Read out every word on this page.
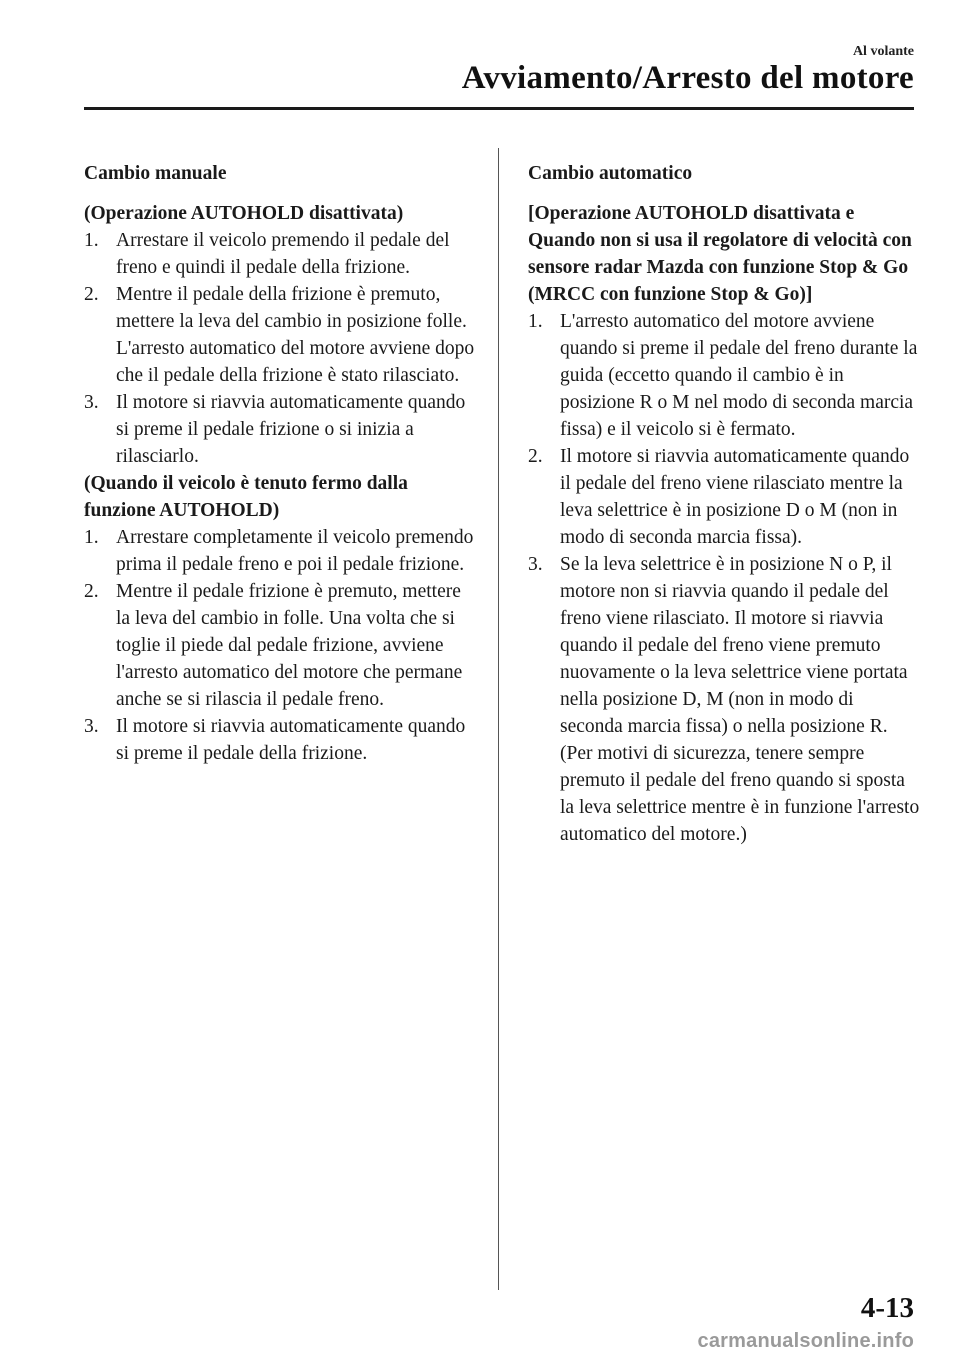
Al volante
Avviamento/Arresto del motore
Cambio manuale
(Operazione AUTOHOLD disattivata)
1. Arrestare il veicolo premendo il pedale del freno e quindi il pedale della frizione.
2. Mentre il pedale della frizione è premuto, mettere la leva del cambio in posizione folle. L'arresto automatico del motore avviene dopo che il pedale della frizione è stato rilasciato.
3. Il motore si riavvia automaticamente quando si preme il pedale frizione o si inizia a rilasciarlo.
(Quando il veicolo è tenuto fermo dalla funzione AUTOHOLD)
1. Arrestare completamente il veicolo premendo prima il pedale freno e poi il pedale frizione.
2. Mentre il pedale frizione è premuto, mettere la leva del cambio in folle. Una volta che si toglie il piede dal pedale frizione, avviene l'arresto automatico del motore che permane anche se si rilascia il pedale freno.
3. Il motore si riavvia automaticamente quando si preme il pedale della frizione.
Cambio automatico
[Operazione AUTOHOLD disattivata e Quando non si usa il regolatore di velocità con sensore radar Mazda con funzione Stop & Go (MRCC con funzione Stop & Go)]
1. L'arresto automatico del motore avviene quando si preme il pedale del freno durante la guida (eccetto quando il cambio è in posizione R o M nel modo di seconda marcia fissa) e il veicolo si è fermato.
2. Il motore si riavvia automaticamente quando il pedale del freno viene rilasciato mentre la leva selettrice è in posizione D o M (non in modo di seconda marcia fissa).
3. Se la leva selettrice è in posizione N o P, il motore non si riavvia quando il pedale del freno viene rilasciato. Il motore si riavvia quando il pedale del freno viene premuto nuovamente o la leva selettrice viene portata nella posizione D, M (non in modo di seconda marcia fissa) o nella posizione R. (Per motivi di sicurezza, tenere sempre premuto il pedale del freno quando si sposta la leva selettrice mentre è in funzione l'arresto automatico del motore.)
4-13
carmanualsonline.info
